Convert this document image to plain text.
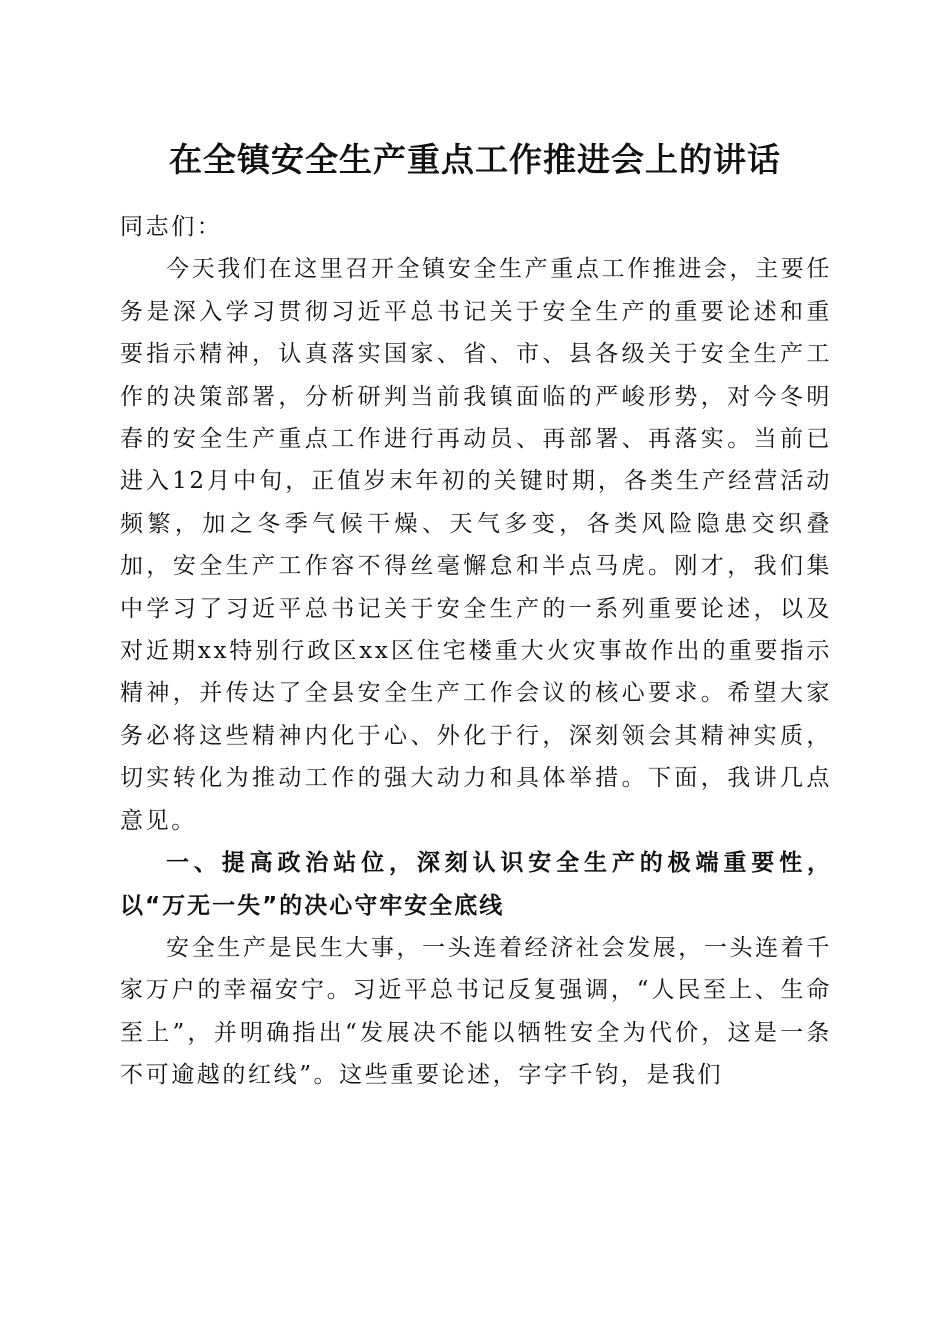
在全镇安全生产重点工作推进会上的讲话

同志们：

今天我们在这里召开全镇安全生产重点工作推进会，主要任务是深入学习贯彻习近平总书记关于安全生产的重要论述和重要指示精神，认真落实国家、省、市、县各级关于安全生产工作的决策部署，分析研判当前我镇面临的严峻形势，对今冬明春的安全生产重点工作进行再动员、再部署、再落实。当前已进入12月中旬，正值岁末年初的关键时期，各类生产经营活动频繁，加之冬季气候干燥、天气多变，各类风险隐患交织叠加，安全生产工作容不得丝毫懈怠和半点马虎。刚才，我们集中学习了习近平总书记关于安全生产的一系列重要论述，以及对近期xx特别行政区xx区住宅楼重大火灾事故作出的重要指示精神，并传达了全县安全生产工作会议的核心要求。希望大家务必将这些精神内化于心、外化于行，深刻领会其精神实质，切实转化为推动工作的强大动力和具体举措。下面，我讲几点意见。

一、提高政治站位，深刻认识安全生产的极端重要性，以“万无一失”的决心守牢安全底线

安全生产是民生大事，一头连着经济社会发展，一头连着千家万户的幸福安宁。习近平总书记反复强调，“人民至上、生命至上”，并明确指出“发展决不能以牺牲安全为代价，这是一条不可逾越的红线”。这些重要论述，字字千钧，是我们
